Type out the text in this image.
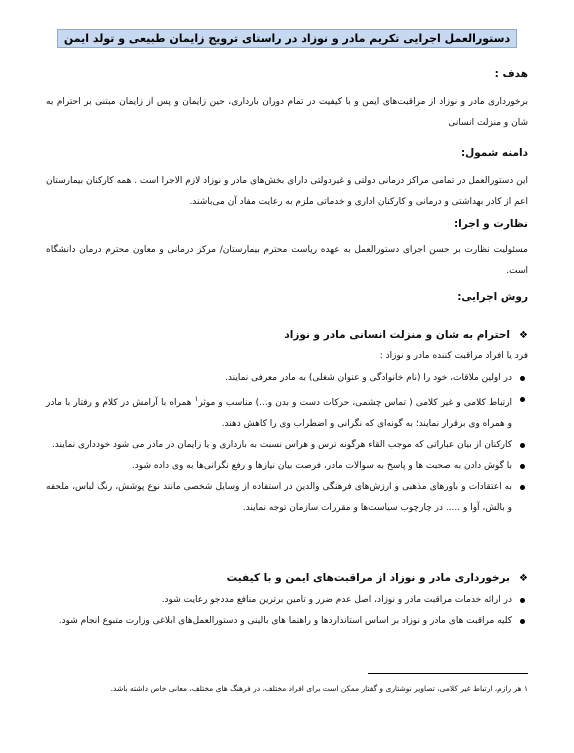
دستورالعمل اجرایی تکریم مادر و نوزاد در راستای ترویج زایمان طبیعی و تولد ایمن
هدف :
برخورداری مادر و نوزاد از مراقبت‌های ایمن و با کیفیت در تمام دوران بارداری، حین زایمان و پس از زایمان مبتنی بر احترام به شان و منزلت انسانی
دامنه شمول:
این دستورالعمل در تمامی مراکز درمانی دولتی و غیردولتی دارای بخش‌های مادر و نوزاد لازم الاجرا است . همه کارکنان بیمارستان اعم از کادر بهداشتی و درمانی و کارکنان اداری و خدماتی ملزم به رعایت مفاد آن می‌باشند.
نظارت و اجرا:
مسئولیت نظارت بر حسن اجرای دستورالعمل به عهده ریاست محترم بیمارستان/ مرکز درمانی و معاون محترم درمان دانشگاه است.
روش اجرایی:
❖احترام به شان و منزلت انسانی مادر و نوزاد
فرد یا افراد مراقبت کننده مادر و نوزاد :
در اولین ملاقات، خود را (نام خانوادگی و عنوان شغلی) به مادر معرفی نمایند.
ارتباط کلامی و غیر کلامی ( تماس چشمی، حرکات دست و بدن و...) مناسب و موثر$^۱$ همراه با آرامش در کلام و رفتار با مادر و همراه وی برقرار نمایند؛ به گونه‌ای که نگرانی و اضطراب وی را کاهش دهند.
کارکنان از بیان عباراتی که موجب القاء هرگونه ترس و هراس نسبت به بارداری و یا زایمان در مادر می شود خودداری نمایند.
با گوش دادن به صحبت ها و پاسخ به سوالات مادر، فرصت بیان نیازها و رفع نگرانی‌ها به وی داده شود.
به اعتقادات و باورهای مذهبی و ارزش‌های فرهنگی والدین در استفاده از وسایل شخصی مانند نوع پوشش، رنگ لباس، ملحفه و بالش، آوا و ..... در چارچوب سیاست‌ها و مقررات سازمان توجه نمایند.
❖برخورداری مادر و نوزاد از مراقبت‌های ایمن و با کیفیت
در ارائه خدمات مراقبت مادر و نوزاد، اصل عدم ضرر و تامین برترین منافع مددجو رعایت شود.
کلیه مراقبت های مادر و نوزاد بر اساس استانداردها و راهنما های بالینی و دستورالعمل‌های ابلاغی وزارت متبوع انجام شود.
۱ هر رازم، ارتباط غیر کلامی، تصاویر نوشتاری و گفتار ممکن است برای افراد مختلف، در فرهنگ های مختلف، معانی خاص داشته باشد.
